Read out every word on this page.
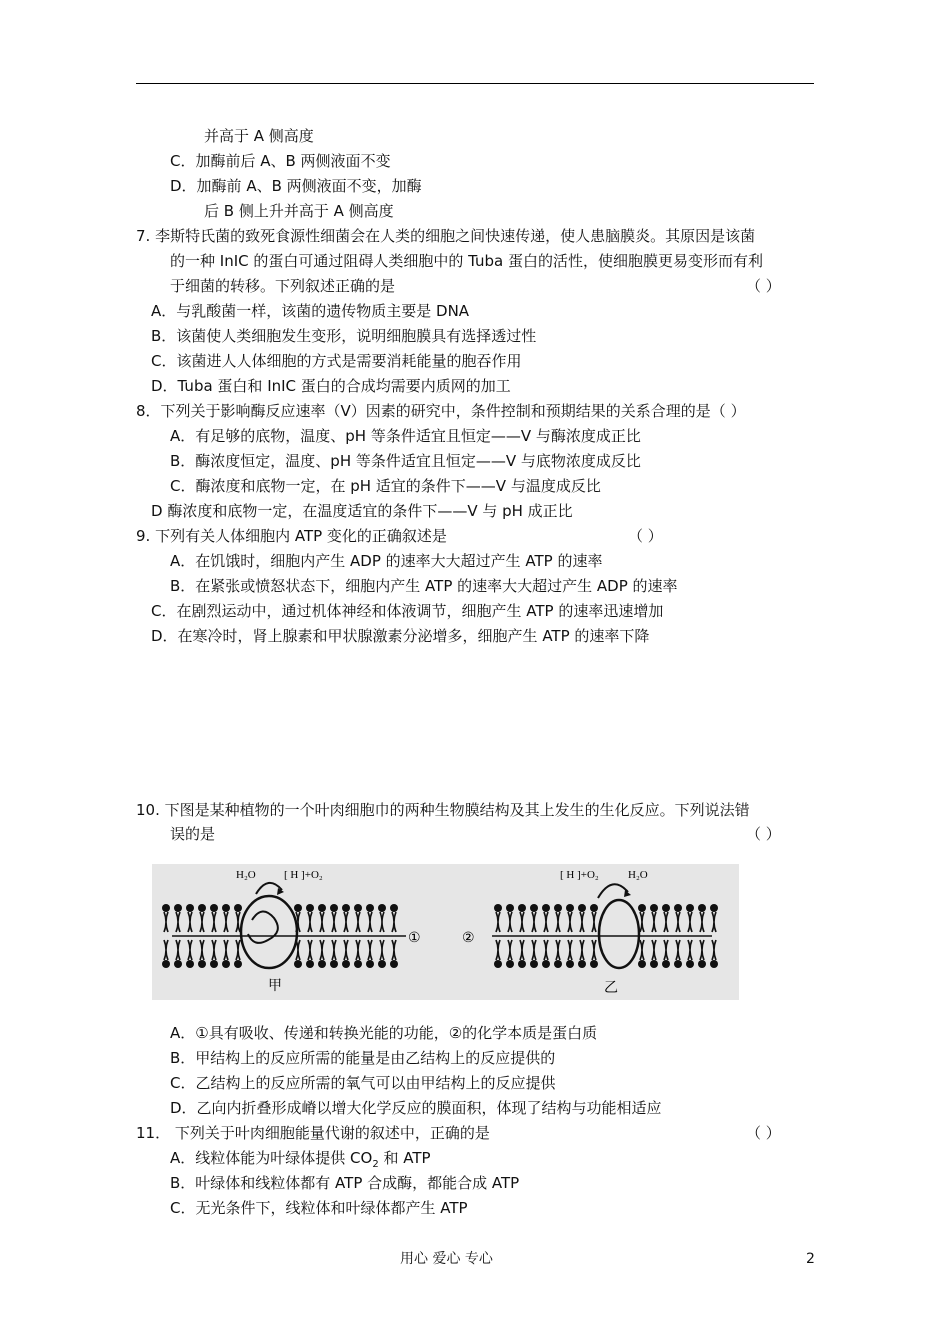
并高于 A 侧高度
C．加酶前后 A、B 两侧液面不变
D．加酶前 A、B 两侧液面不变，加酶
后 B 侧上升并高于 A 侧高度
7. 李斯特氏菌的致死食源性细菌会在人类的细胞之间快速传递，使人患脑膜炎。其原因是该菌
的一种 InIC 的蛋白可通过阻碍人类细胞中的 Tuba 蛋白的活性，使细胞膜更易变形而有利
于细菌的转移。下列叙述正确的是	（ ）
A．与乳酸菌一样，该菌的遗传物质主要是 DNA
B．该菌使人类细胞发生变形，说明细胞膜具有选择透过性
C．该菌进人人体细胞的方式是需要消耗能量的胞吞作用
D．Tuba 蛋白和 InIC 蛋白的合成均需要内质网的加工
8．下列关于影响酶反应速率（V）因素的研究中，条件控制和预期结果的关系合理的是（ ）
A．有足够的底物，温度、pH 等条件适宜且恒定——V 与酶浓度成正比
B．酶浓度恒定，温度、pH 等条件适宜且恒定——V 与底物浓度成反比
C．酶浓度和底物一定，在 pH 适宜的条件下——V 与温度成反比
D 酶浓度和底物一定，在温度适宜的条件下——V 与 pH 成正比
9. 下列有关人体细胞内 ATP 变化的正确叙述是	（ ）
A．在饥饿时，细胞内产生 ADP 的速率大大超过产生 ATP 的速率
B．在紧张或愤怒状态下，细胞内产生 ATP 的速率大大超过产生 ADP 的速率
C．在剧烈运动中，通过机体神经和体液调节，细胞产生 ATP 的速率迅速增加
D．在寒冷时，肾上腺素和甲状腺激素分泌增多，细胞产生 ATP 的速率下降
10. 下图是某种植物的一个叶肉细胞巾的两种生物膜结构及其上发生的生化反应。下列说法错
误的是	（ ）
H₂O	[ H ]+O₂
①
甲
[ H ]+O₂	H₂O
②
乙
A．①具有吸收、传递和转换光能的功能，②的化学本质是蛋白质
B．甲结构上的反应所需的能量是由乙结构上的反应提供的
C．乙结构上的反应所需的氧气可以由甲结构上的反应提供
D．乙向内折叠形成嵴以增大化学反应的膜面积，体现了结构与功能相适应
11． 下列关于叶肉细胞能量代谢的叙述中，正确的是	（ ）
A．线粒体能为叶绿体提供 $CO_2$ 和 ATP
B．叶绿体和线粒体都有 ATP 合成酶，都能合成 ATP
C．无光条件下，线粒体和叶绿体都产生 ATP
用心 爱心 专心	2
